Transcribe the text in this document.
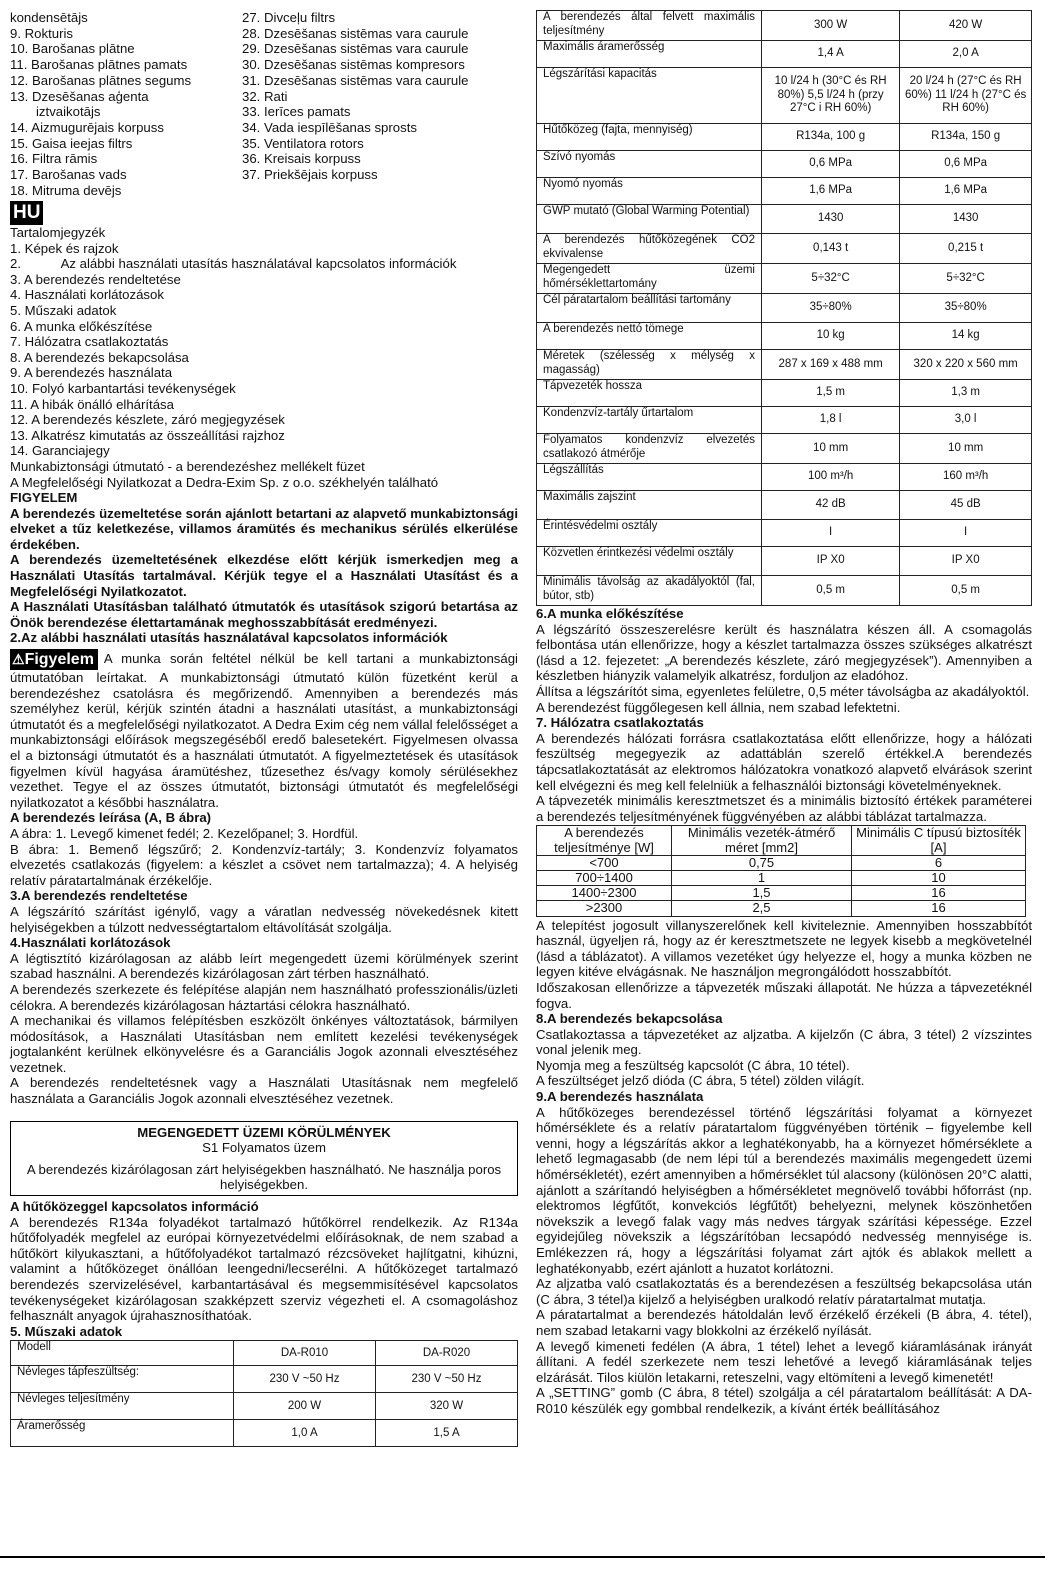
kondensētājs
9. Rokturis
10. Barošanas plātne
11. Barošanas plātnes pamats
12. Barošanas plātnes segums
13. Dzesēšanas aģenta
iztvaikotājs
14. Aizmugurējais korpuss
15. Gaisa ieejas filtrs
16. Filtra rāmis
17. Barošanas vads
18. Mitruma devējs
27. Divceļu filtrs
28. Dzesēšanas sistēmas vara caurule
29. Dzesēšanas sistēmas vara caurule
30. Dzesēšanas sistēmas kompresors
31. Dzesēšanas sistēmas vara caurule
32. Rati
33. Ierīces pamats
34. Vada iespīlēšanas sprosts
35. Ventilatora rotors
36. Kreisais korpuss
37. Priekšējais korpuss
HU
Tartalomjegyzék
1. Képek és rajzok
2.           Az alábbi használati utasítás használatával kapcsolatos információk
3. A berendezés rendeltetése
4. Használati korlátozások
5. Műszaki adatok
6. A munka előkészítése
7. Hálózatra csatlakoztatás
8. A berendezés bekapcsolása
9. A berendezés használata
10. Folyó karbantartási tevékenységek
11. A hibák önálló elhárítása
12. A berendezés készlete, záró megjegyzések
13. Alkatrész kimutatás az összeállítási rajzhoz
14. Garanciajegy
Munkabiztonsági útmutató - a berendezéshez mellékelt füzet
A Megfelelőségi Nyilatkozat a Dedra-Exim Sp. z o.o. székhelyén található
FIGYELEM
A berendezés üzemeltetése során ajánlott betartani az alapvető munkabiztonsági elveket a tűz keletkezése, villamos áramütés és mechanikus sérülés elkerülése érdekében.
A berendezés üzemeltetésének elkezdése előtt kérjük ismerkedjen meg a Használati Utasítás tartalmával. Kérjük tegye el a Használati Utasítást és a Megfelelőségi Nyilatkozatot.
A Használati Utasításban található útmutatók és utasítások szigorú betartása az Önök berendezése élettartamának meghosszabbítását eredményezi.
2.Az alábbi használati utasítás használatával kapcsolatos információk
⚠Figyelem A munka során feltétel nélkül be kell tartani a munkabiztonsági útmutatóban leírtakat. A munkabiztonsági útmutató külön füzetként kerül a berendezéshez csatolásra és megőrizendő. Amennyiben a berendezés más személyhez kerül, kérjük szintén átadni a használati utasítást, a munkabiztonsági útmutatót és a megfelelőségi nyilatkozatot. A Dedra Exim cég nem vállal felelősséget a munkabiztonsági előírások megszegéséből eredő balesetekért. Figyelmesen olvassa el a biztonsági útmutatót és a használati útmutatót. A figyelmeztetések és utasítások figyelmen kívül hagyása áramütéshez, tűzesethez és/vagy komoly sérülésekhez vezethet. Tegye el az összes útmutatót, biztonsági útmutatót és megfelelőségi nyilatkozatot a későbbi használatra.
A berendezés leírása (A, B ábra)
A ábra: 1. Levegő kimenet fedél; 2. Kezelőpanel; 3. Hordfül.
B ábra: 1. Bemenő légszűrő; 2. Kondenzvíz-tartály; 3. Kondenzvíz folyamatos elvezetés csatlakozás (figyelem: a készlet a csövet nem tartalmazza); 4. A helyiség relatív páratartalmának érzékelője.
3.A berendezés rendeltetése
A légszárító szárítást igénylő, vagy a váratlan nedvesség növekedésnek kitett helyiségekben a túlzott nedvességtartalom eltávolítását szolgálja.
4.Használati korlátozások
A légtisztító kizárólagosan az alább leírt megengedett üzemi körülmények szerint szabad használni. A berendezés kizárólagosan zárt térben használható.
A berendezés szerkezete és felépítése alapján nem használható professzionális/üzleti célokra. A berendezés kizárólagosan háztartási célokra használható.
A mechanikai és villamos felépítésben eszközölt önkényes változtatások, bármilyen módosítások, a Használati Utasításban nem említett kezelési tevékenységek jogtalanként kerülnek elkönyvelésre és a Garanciális Jogok azonnali elvesztéséhez vezetnek.
A berendezés rendeltetésnek vagy a Használati Utasításnak nem megfelelő használata a Garanciális Jogok azonnali elvesztéséhez vezetnek.
MEGENGEDETT ÜZEMI KÖRÜLMÉNYEK
S1 Folyamatos üzem
A berendezés kizárólagosan zárt helyiségekben használható. Ne használja poros helyiségekben.
A hűtőközeggel kapcsolatos információ
A berendezés R134a folyadékot tartalmazó hűtőkörrel rendelkezik. Az R134a hűtőfolyadék megfelel az európai környezetvédelmi előírásoknak, de nem szabad a hűtőkört kilyukasztani, a hűtőfolyadékot tartalmazó rézcsöveket hajlítgatni, kihúzni, valamint a hűtőközeget önállóan leengedni/lecserélni. A hűtőközeget tartalmazó berendezés szervizelésével, karbantartásával és megsemmisítésével kapcsolatos tevékenységeket kizárólagosan szakképzett szerviz végezheti el. A csomagoláshoz felhasznált anyagok újrahasznosíthatóak.
5. Műszaki adatok
Modell	DA-R010	DA-R020
Névleges tápfeszültség:	230 V ~50 Hz	230 V ~50 Hz
Névleges teljesítmény	200 W	320 W
Áramerősség	1,0 A	1,5 A
A berendezés által felvett maximális teljesítmény	300 W	420 W
Maximális áramerősség	1,4 A	2,0 A
Légszárítási kapacitás	10 l/24 h (30°C és RH 80%) 5,5 l/24 h (przy 27°C i RH 60%)	20 l/24 h (27°C és RH 60%) 11 l/24 h (27°C és RH 60%)
Hűtőközeg (fajta, mennyiség)	R134a, 100 g	R134a, 150 g
Szívó nyomás	0,6 MPa	0,6 MPa
Nyomó nyomás	1,6 MPa	1,6 MPa
GWP mutató (Global Warming Potential)	1430	1430
A berendezés hűtőközegének CO2 ekvivalense	0,143 t	0,215 t
Megengedett üzemi hőmérséklettartomány	5÷32°C	5÷32°C
Cél páratartalom beállítási tartomány	35÷80%	35÷80%
A berendezés nettó tömege	10 kg	14 kg
Méretek (szélesség x mélység x magasság)	287 x 169 x 488 mm	320 x 220 x 560 mm
Tápvezeték hossza	1,5 m	1,3 m
Kondenzvíz-tartály űrtartalom	1,8 l	3,0 l
Folyamatos kondenzvíz elvezetés csatlakozó átmérője	10 mm	10 mm
Légszállítás	100 m³/h	160 m³/h
Maximális zajszint	42 dB	45 dB
Érintésvédelmi osztály	I	I
Közvetlen érintkezési védelmi osztály	IP X0	IP X0
Minimális távolság az akadályoktól (fal, bútor, stb)	0,5 m	0,5 m
6.A munka előkészítése
A légszárító összeszerelésre került és használatra készen áll. A csomagolás felbontása után ellenőrizze, hogy a készlet tartalmazza összes szükséges alkatrészt (lásd a 12. fejezetet: „A berendezés készlete, záró megjegyzések”). Amennyiben a készletben hiányzik valamelyik alkatrész, forduljon az eladóhoz.
Állítsa a légszárítót sima, egyenletes felületre, 0,5 méter távolságba az akadályoktól.
A berendezést függőlegesen kell állnia, nem szabad lefektetni.
7. Hálózatra csatlakoztatás
A berendezés hálózati forrásra csatlakoztatása előtt ellenőrizze, hogy a hálózati feszültség megegyezik az adattáblán szerelő értékkel.A berendezés tápcsatlakoztatását az elektromos hálózatokra vonatkozó alapvető elvárások szerint kell elvégezni és meg kell felelniük a felhasználói biztonsági követelményeknek.
A tápvezeték minimális keresztmetszet és a minimális biztosító értékek paraméterei a berendezés teljesítményének függvényében az alábbi táblázat tartalmazza.
A berendezés teljesítménye [W]	Minimális vezeték-átmérő méret [mm2]	Minimális C típusú biztosíték [A]
<700	0,75	6
700÷1400	1	10
1400÷2300	1,5	16
>2300	2,5	16
A telepítést jogosult villanyszerelőnek kell kiviteleznie. Amennyiben hosszabbítót használ, ügyeljen rá, hogy az ér keresztmetszete ne legyek kisebb a megkövetelnél (lásd a táblázatot). A villamos vezetéket úgy helyezze el, hogy a munka közben ne legyen kitéve elvágásnak. Ne használjon megrongálódott hosszabbítót.
Időszakosan ellenőrizze a tápvezeték műszaki állapotát. Ne húzza a tápvezetéknél fogva.
8.A berendezés bekapcsolása
Csatlakoztassa a tápvezetéket az aljzatba. A kijelzőn (C ábra, 3 tétel) 2 vízszintes vonal jelenik meg.
Nyomja meg a feszültség kapcsolót (C ábra, 10 tétel).
A feszültséget jelző dióda (C ábra, 5 tétel) zölden világít.
9.A berendezés használata
A hűtőközeges berendezéssel történő légszárítási folyamat a környezet hőmérséklete és a relatív páratartalom függvényében történik – figyelembe kell venni, hogy a légszárítás akkor a leghatékonyabb, ha a környezet hőmérséklete a lehető legmagasabb (de nem lépi túl a berendezés maximális megengedett üzemi hőmérsékletét), ezért amennyiben a hőmérséklet túl alacsony (különösen 20°C alatti, ajánlott a szárítandó helyiségben a hőmérsékletet megnövelő további hőforrást (np. elektromos légfűtőt, konvekciós légfűtőt) behelyezni, melynek köszönhetően növekszik a levegő falak vagy más nedves tárgyak szárítási képessége. Ezzel egyidejűleg növekszik a légszárítóban lecsapódó nedvesség mennyisége is. Emlékezzen rá, hogy a légszárítási folyamat zárt ajtók és ablakok mellett a leghatékonyabb, ezért ajánlott a huzatot korlátozni.
Az aljzatba való csatlakoztatás és a berendezésen a feszültség bekapcsolása után (C ábra, 3 tétel)a kijelző a helyiségben uralkodó relatív páratartalmat mutatja.
A páratartalmat a berendezés hátoldalán levő érzékelő érzékeli (B ábra, 4. tétel), nem szabad letakarni vagy blokkolni az érzékelő nyílását.
A levegő kimeneti fedélen (A ábra, 1 tétel) lehet a levegő kiáramlásának irányát állítani. A fedél szerkezete nem teszi lehetővé a levegő kiáramlásának teljes elzárását. Tilos kiülön letakarni, reteszelni, vagy eltömíteni a levegő kimenetét!
A „SETTING” gomb (C ábra, 8 tétel) szolgálja a cél páratartalom beállítását: A DA-R010 készülék egy gombbal rendelkezik, a kívánt érték beállításához
